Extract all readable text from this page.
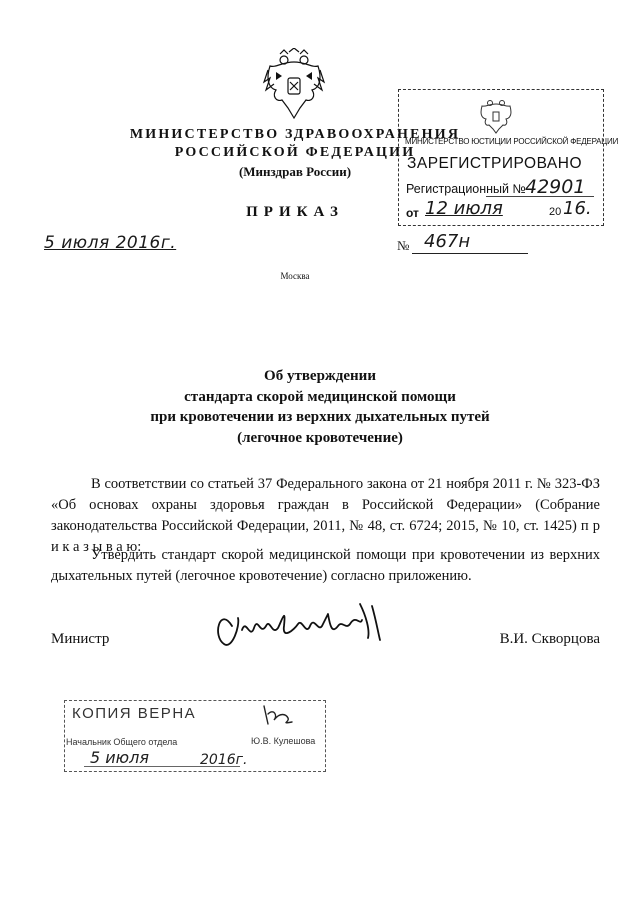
МИНИСТЕРСТВО ЗДРАВООХРАНЕНИЯ
РОССИЙСКОЙ ФЕДЕРАЦИИ
(Минздрав России)
ПРИКАЗ
5 июля 2016г.	№ 467н
Москва
МИНИСТЕРСТВО ЮСТИЦИИ РОССИЙСКОЙ ФЕДЕРАЦИИ
ЗАРЕГИСТРИРОВАНО
Регистрационный № 42901
от 12 июля	20 16.
Об утверждении
стандарта скорой медицинской помощи
при кровотечении из верхних дыхательных путей
(легочное кровотечение)
В соответствии со статьей 37 Федерального закона от 21 ноября 2011 г. № 323-ФЗ «Об основах охраны здоровья граждан в Российской Федерации» (Собрание законодательства Российской Федерации, 2011, № 48, ст. 6724; 2015, № 10, ст. 1425) п р и к а з ы в а ю:
Утвердить стандарт скорой медицинской помощи при кровотечении из верхних дыхательных путей (легочное кровотечение) согласно приложению.
Министр	В.И. Скворцова
КОПИЯ ВЕРНА
Начальник Общего отдела	Ю.В. Кулешова
5 июля	2016г.
